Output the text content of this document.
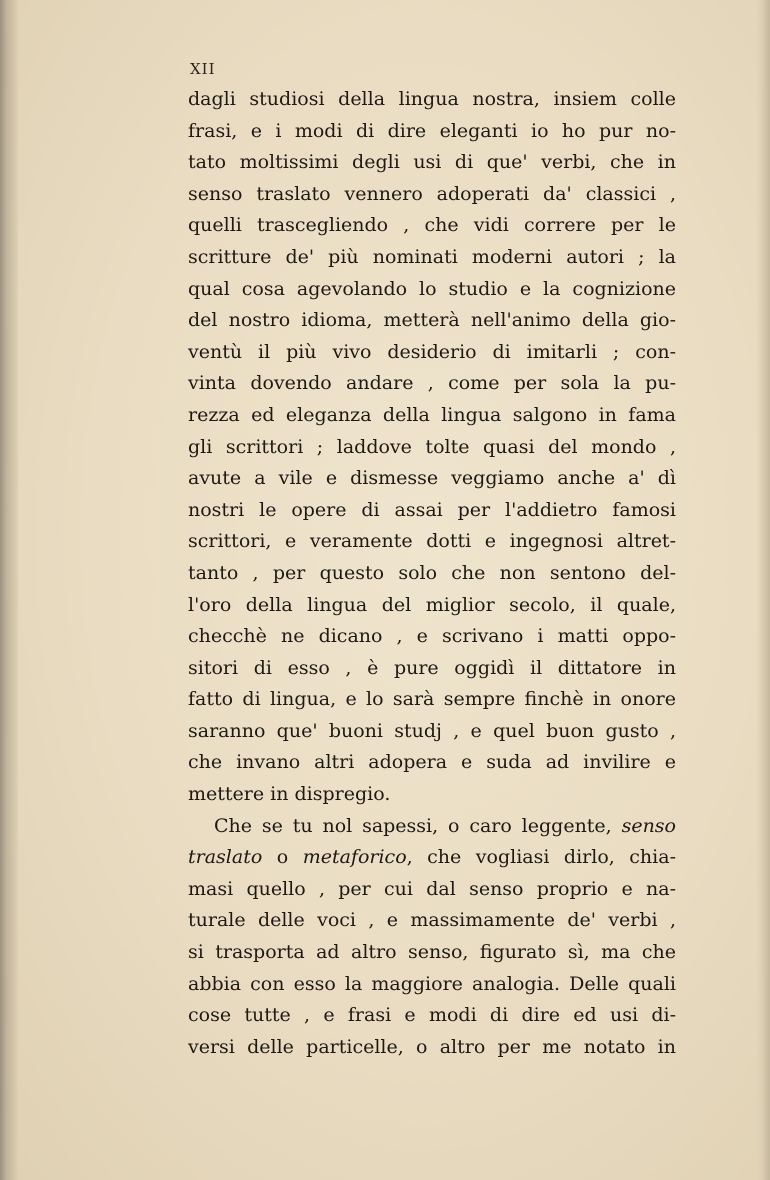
XII
dagli studiosi della lingua nostra, insiem colle
frasi, e i modi di dire eleganti io ho pur no-
tato moltissimi degli usi di que' verbi, che in
senso traslato vennero adoperati da' classici ,
quelli trascegliendo , che vidi correre per le
scritture de' più nominati moderni autori ; la
qual cosa agevolando lo studio e la cognizione
del nostro idioma, metterà nell'animo della gio-
ventù il più vivo desiderio di imitarli ; con-
vinta dovendo andare , come per sola la pu-
rezza ed eleganza della lingua salgono in fama
gli scrittori ; laddove tolte quasi del mondo ,
avute a vile e dismesse veggiamo anche a' dì
nostri le opere di assai per l'addietro famosi
scrittori, e veramente dotti e ingegnosi altret-
tanto , per questo solo che non sentono del-
l'oro della lingua del miglior secolo, il quale,
checchè ne dicano , e scrivano i matti oppo-
sitori di esso , è pure oggidì il dittatore in
fatto di lingua, e lo sarà sempre finchè in onore
saranno que' buoni studj , e quel buon gusto ,
che invano altri adopera e suda ad invilire e
mettere in dispregio.
Che se tu nol sapessi, o caro leggente, senso
traslato o metaforico, che vogliasi dirlo, chia-
masi quello , per cui dal senso proprio e na-
turale delle voci , e massimamente de' verbi ,
si trasporta ad altro senso, figurato sì, ma che
abbia con esso la maggiore analogia. Delle quali
cose tutte , e frasi e modi di dire ed usi di-
versi delle particelle, o altro per me notato in
